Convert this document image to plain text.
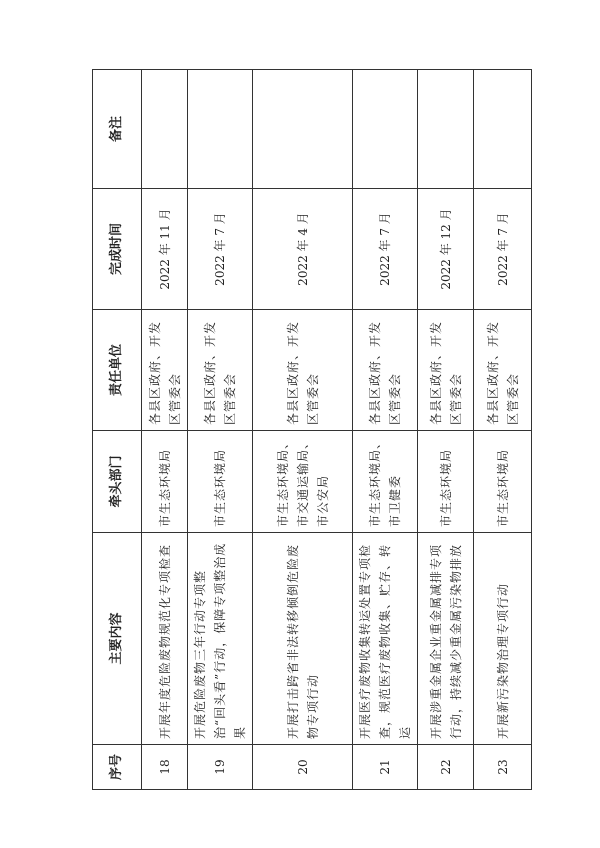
序号	主要内容	牵头部门	责任单位	完成时间	备注
18	开展年度危险废物规范化专项检查	市生态环境局	各县区政府、开发区管委会	2022 年 11 月	
19	开展危险废物三年行动专项整治“回头看”行动，保障专项整治成果	市生态环境局	各县区政府、开发区管委会	2022 年 7 月	
20	开展打击跨省非法转移倾倒危险废物专项行动	市生态环境局、市交通运输局、市公安局	各县区政府、开发区管委会	2022 年 4 月	
21	开展医疗废物收集转运处置专项检查，规范医疗废物收集、贮存、转运	市生态环境局、市卫健委	各县区政府、开发区管委会	2022 年 7 月	
22	开展涉重金属企业重金属减排专项行动，持续减少重金属污染物排放	市生态环境局	各县区政府、开发区管委会	2022 年 12 月	
23	开展新污染物治理专项行动	市生态环境局	各县区政府、开发区管委会	2022 年 7 月	
